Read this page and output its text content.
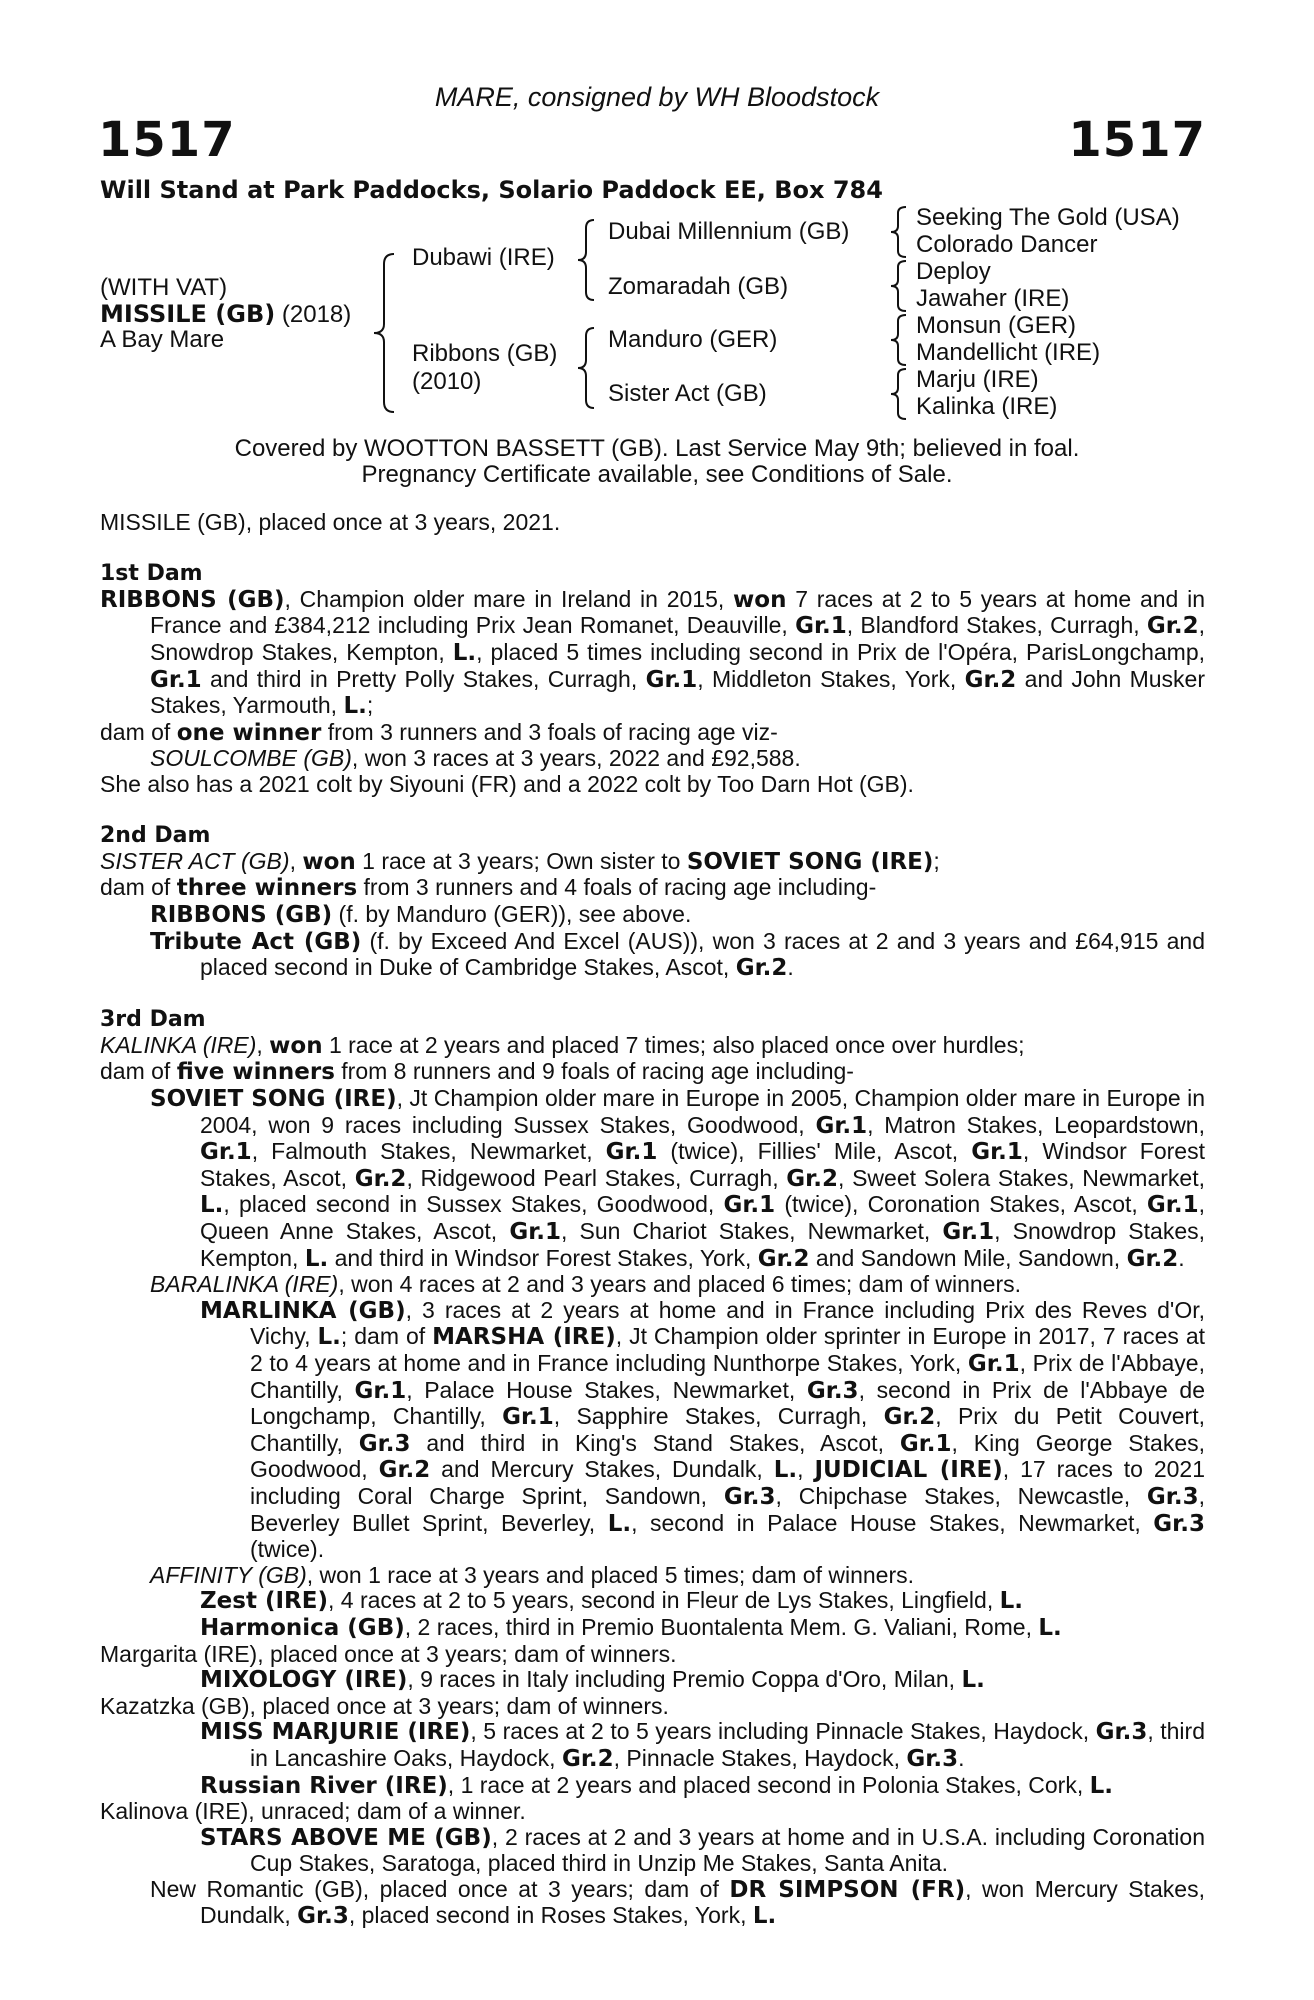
MARE, consigned by WH Bloodstock
1517	1517
Will Stand at Park Paddocks, Solario Paddock EE, Box 784
(WITH VAT)
MISSILE (GB) (2018)
A Bay Mare
Dubawi (IRE)
Ribbons (GB)
(2010)
Dubai Millennium (GB)
Zomaradah (GB)
Manduro (GER)
Sister Act (GB)
Seeking The Gold (USA)
Colorado Dancer
Deploy
Jawaher (IRE)
Monsun (GER)
Mandellicht (IRE)
Marju (IRE)
Kalinka (IRE)
Covered by WOOTTON BASSETT (GB). Last Service May 9th; believed in foal.
Pregnancy Certificate available, see Conditions of Sale.

MISSILE (GB), placed once at 3 years, 2021.

1st Dam

RIBBONS (GB), Champion older mare in Ireland in 2015, won 7 races at 2 to 5 years at home and in France and £384,212 including Prix Jean Romanet, Deauville, Gr.1, Blandford Stakes, Curragh, Gr.2, Snowdrop Stakes, Kempton, L., placed 5 times including second in Prix de l'Opéra, ParisLongchamp, Gr.1 and third in Pretty Polly Stakes, Curragh, Gr.1, Middleton Stakes, York, Gr.2 and John Musker Stakes, Yarmouth, L.;

dam of one winner from 3 runners and 3 foals of racing age viz-

SOULCOMBE (GB), won 3 races at 3 years, 2022 and £92,588.

She also has a 2021 colt by Siyouni (FR) and a 2022 colt by Too Darn Hot (GB).

2nd Dam

SISTER ACT (GB), won 1 race at 3 years; Own sister to SOVIET SONG (IRE);

dam of three winners from 3 runners and 4 foals of racing age including-

RIBBONS (GB) (f. by Manduro (GER)), see above.

Tribute Act (GB) (f. by Exceed And Excel (AUS)), won 3 races at 2 and 3 years and £64,915 and placed second in Duke of Cambridge Stakes, Ascot, Gr.2.

3rd Dam

KALINKA (IRE), won 1 race at 2 years and placed 7 times; also placed once over hurdles;

dam of five winners from 8 runners and 9 foals of racing age including-

SOVIET SONG (IRE), Jt Champion older mare in Europe in 2005, Champion older mare in Europe in 2004, won 9 races including Sussex Stakes, Goodwood, Gr.1, Matron Stakes, Leopardstown, Gr.1, Falmouth Stakes, Newmarket, Gr.1 (twice), Fillies' Mile, Ascot, Gr.1, Windsor Forest Stakes, Ascot, Gr.2, Ridgewood Pearl Stakes, Curragh, Gr.2, Sweet Solera Stakes, Newmarket, L., placed second in Sussex Stakes, Goodwood, Gr.1 (twice), Coronation Stakes, Ascot, Gr.1, Queen Anne Stakes, Ascot, Gr.1, Sun Chariot Stakes, Newmarket, Gr.1, Snowdrop Stakes, Kempton, L. and third in Windsor Forest Stakes, York, Gr.2 and Sandown Mile, Sandown, Gr.2.

BARALINKA (IRE), won 4 races at 2 and 3 years and placed 6 times; dam of winners.

MARLINKA (GB), 3 races at 2 years at home and in France including Prix des Reves d'Or, Vichy, L.; dam of MARSHA (IRE), Jt Champion older sprinter in Europe in 2017, 7 races at 2 to 4 years at home and in France including Nunthorpe Stakes, York, Gr.1, Prix de l'Abbaye, Chantilly, Gr.1, Palace House Stakes, Newmarket, Gr.3, second in Prix de l'Abbaye de Longchamp, Chantilly, Gr.1, Sapphire Stakes, Curragh, Gr.2, Prix du Petit Couvert, Chantilly, Gr.3 and third in King's Stand Stakes, Ascot, Gr.1, King George Stakes, Goodwood, Gr.2 and Mercury Stakes, Dundalk, L., JUDICIAL (IRE), 17 races to 2021 including Coral Charge Sprint, Sandown, Gr.3, Chipchase Stakes, Newcastle, Gr.3, Beverley Bullet Sprint, Beverley, L., second in Palace House Stakes, Newmarket, Gr.3 (twice).

AFFINITY (GB), won 1 race at 3 years and placed 5 times; dam of winners.

Zest (IRE), 4 races at 2 to 5 years, second in Fleur de Lys Stakes, Lingfield, L.

Harmonica (GB), 2 races, third in Premio Buontalenta Mem. G. Valiani, Rome, L.

Margarita (IRE), placed once at 3 years; dam of winners.

MIXOLOGY (IRE), 9 races in Italy including Premio Coppa d'Oro, Milan, L.

Kazatzka (GB), placed once at 3 years; dam of winners.

MISS MARJURIE (IRE), 5 races at 2 to 5 years including Pinnacle Stakes, Haydock, Gr.3, third in Lancashire Oaks, Haydock, Gr.2, Pinnacle Stakes, Haydock, Gr.3.

Russian River (IRE), 1 race at 2 years and placed second in Polonia Stakes, Cork, L.

Kalinova (IRE), unraced; dam of a winner.

STARS ABOVE ME (GB), 2 races at 2 and 3 years at home and in U.S.A. including Coronation Cup Stakes, Saratoga, placed third in Unzip Me Stakes, Santa Anita.

New Romantic (GB), placed once at 3 years; dam of DR SIMPSON (FR), won Mercury Stakes, Dundalk, Gr.3, placed second in Roses Stakes, York, L.
